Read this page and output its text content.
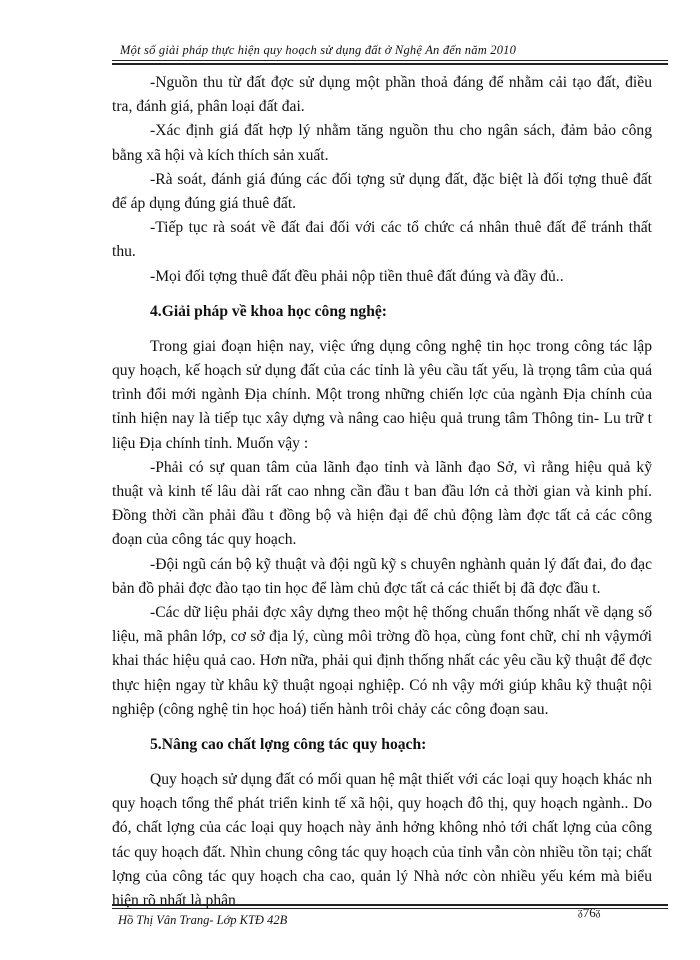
Một số giải pháp thực hiện quy hoạch sử dụng đất ở Nghệ An đến năm 2010

-Nguồn thu từ đất đợc sử dụng một phần thoả đáng để nhằm cải tạo đất, điều tra, đánh giá, phân loại đất đai.

-Xác định giá đất hợp lý nhằm tăng nguồn thu cho ngân sách, đảm bảo công bằng xã hội và kích thích sản xuất.

-Rà soát, đánh giá đúng các đối tợng sử dụng đất, đặc biệt là đối tợng thuê đất để áp dụng đúng giá thuê đất.

-Tiếp tục rà soát về đất đai đối với các tổ chức cá nhân thuê đất để tránh thất thu.

-Mọi đối tợng thuê đất đều phải nộp tiền thuê đất đúng và đầy đủ..

4.Giải pháp về khoa học công nghệ:

Trong giai đoạn hiện nay, việc ứng dụng công nghệ tin học trong công tác lập quy hoạch, kế hoạch sử dụng đất của các tỉnh là yêu cầu tất yếu, là trọng tâm của quá trình đổi mới ngành Địa chính. Một trong những chiến lợc của ngành Địa chính của tỉnh hiện nay là tiếp tục xây dựng và nâng cao hiệu quả trung tâm Thông tin- Lu trữ t liệu Địa chính tỉnh. Muốn vậy :

-Phải có sự quan tâm của lãnh đạo tỉnh và lãnh đạo Sở, vì rằng hiệu quả kỹ thuật và kinh tế lâu dài rất cao nhng cần đầu t ban đầu lớn cả thời gian và kinh phí. Đồng thời cần phải đầu t đồng bộ và hiện đại để chủ động làm đợc tất cả các công đoạn của công tác quy hoạch.

-Đội ngũ cán bộ kỹ thuật và đội ngũ kỹ s chuyên nghành quản lý đất đai, đo đạc bản đồ phải đợc đào tạo tin học để làm chủ đợc tất cả các thiết bị đã đợc đầu t.

-Các dữ liệu phải đợc xây dựng theo một hệ thống chuẩn thống nhất về dạng số liệu, mã phân lớp, cơ sở địa lý, cùng môi trờng đồ họa, cùng font chữ, chỉ nh vậymới khai thác hiệu quả cao. Hơn nữa, phải qui định thống nhất các yêu cầu kỹ thuật để đợc thực hiện ngay từ khâu kỹ thuật ngoại nghiệp. Có nh vậy mới giúp khâu kỹ thuật nội nghiệp (công nghệ tin học hoá) tiến hành trôi chảy các công đoạn sau.

5.Nâng cao chất lợng công tác quy hoạch:

Quy hoạch sử dụng đất có mối quan hệ mật thiết với các loại quy hoạch khác nh quy hoạch tổng thể phát triển kinh tế xã hội, quy hoạch đô thị, quy hoạch ngành.. Do đó, chất lợng của các loại quy hoạch này ảnh hởng không nhỏ tới chất lợng của công tác quy hoạch đất. Nhìn chung công tác quy hoạch của tỉnh vẫn còn nhiều tồn tại; chất lợng của công tác quy hoạch cha cao, quản lý Nhà nớc còn nhiều yếu kém mà biểu hiện rõ nhất là phân

Hồ Thị Vân Trang- Lớp KTĐ 42B
ᵹ76ᵹ
